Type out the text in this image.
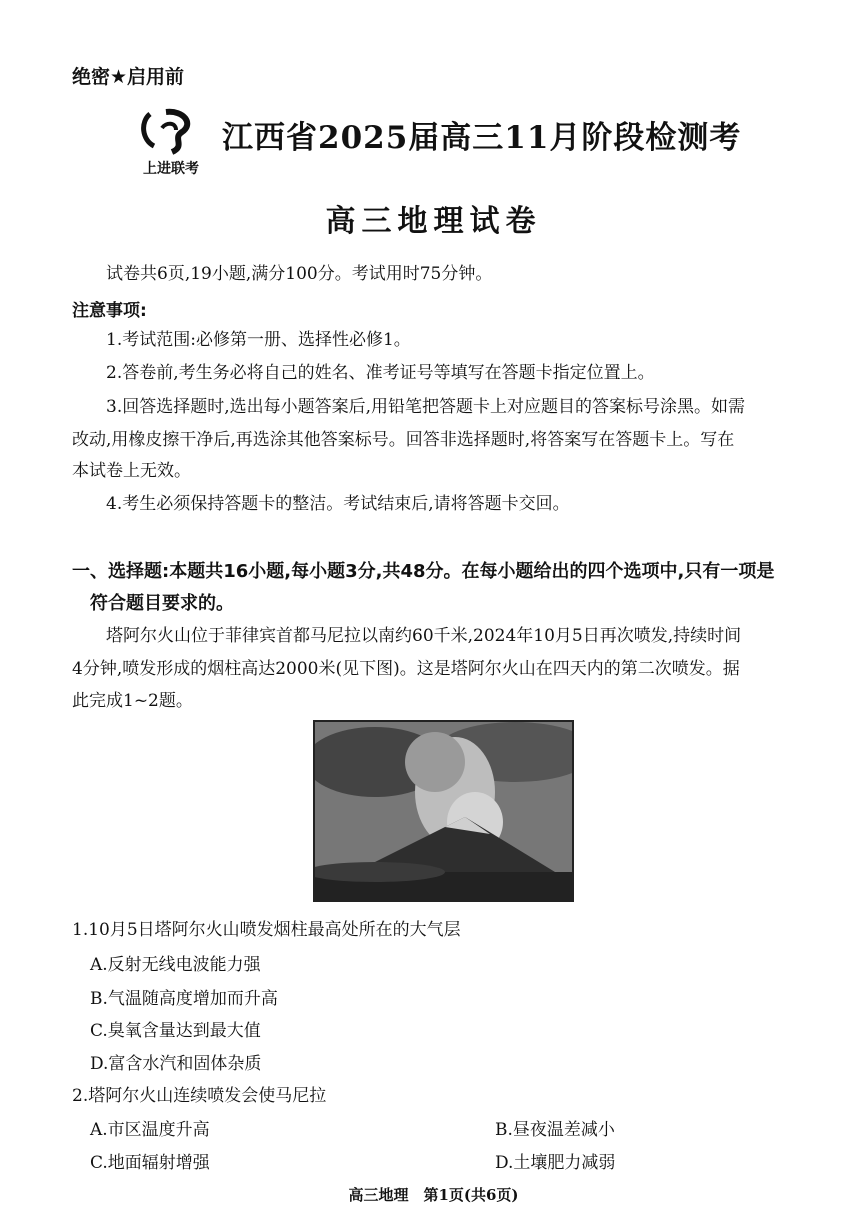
绝密★启用前
上进联考
江西省2025届高三11月阶段检测考
高三地理试卷
试卷共6页,19小题,满分100分。考试用时75分钟。
注意事项:
1.考试范围:必修第一册、选择性必修1。
2.答卷前,考生务必将自己的姓名、准考证号等填写在答题卡指定位置上。
3.回答选择题时,选出每小题答案后,用铅笔把答题卡上对应题目的答案标号涂黑。如需
改动,用橡皮擦干净后,再选涂其他答案标号。回答非选择题时,将答案写在答题卡上。写在
本试卷上无效。
4.考生必须保持答题卡的整洁。考试结束后,请将答题卡交回。
一、选择题:本题共16小题,每小题3分,共48分。在每小题给出的四个选项中,只有一项是
符合题目要求的。
塔阿尔火山位于菲律宾首都马尼拉以南约60千米,2024年10月5日再次喷发,持续时间
4分钟,喷发形成的烟柱高达2000米(见下图)。这是塔阿尔火山在四天内的第二次喷发。据
此完成1~2题。
1.10月5日塔阿尔火山喷发烟柱最高处所在的大气层
A.反射无线电波能力强
B.气温随高度增加而升高
C.臭氧含量达到最大值
D.富含水汽和固体杂质
2.塔阿尔火山连续喷发会使马尼拉
A.市区温度升高	B.昼夜温差减小
C.地面辐射增强	D.土壤肥力减弱
高三地理　第1页(共6页)
